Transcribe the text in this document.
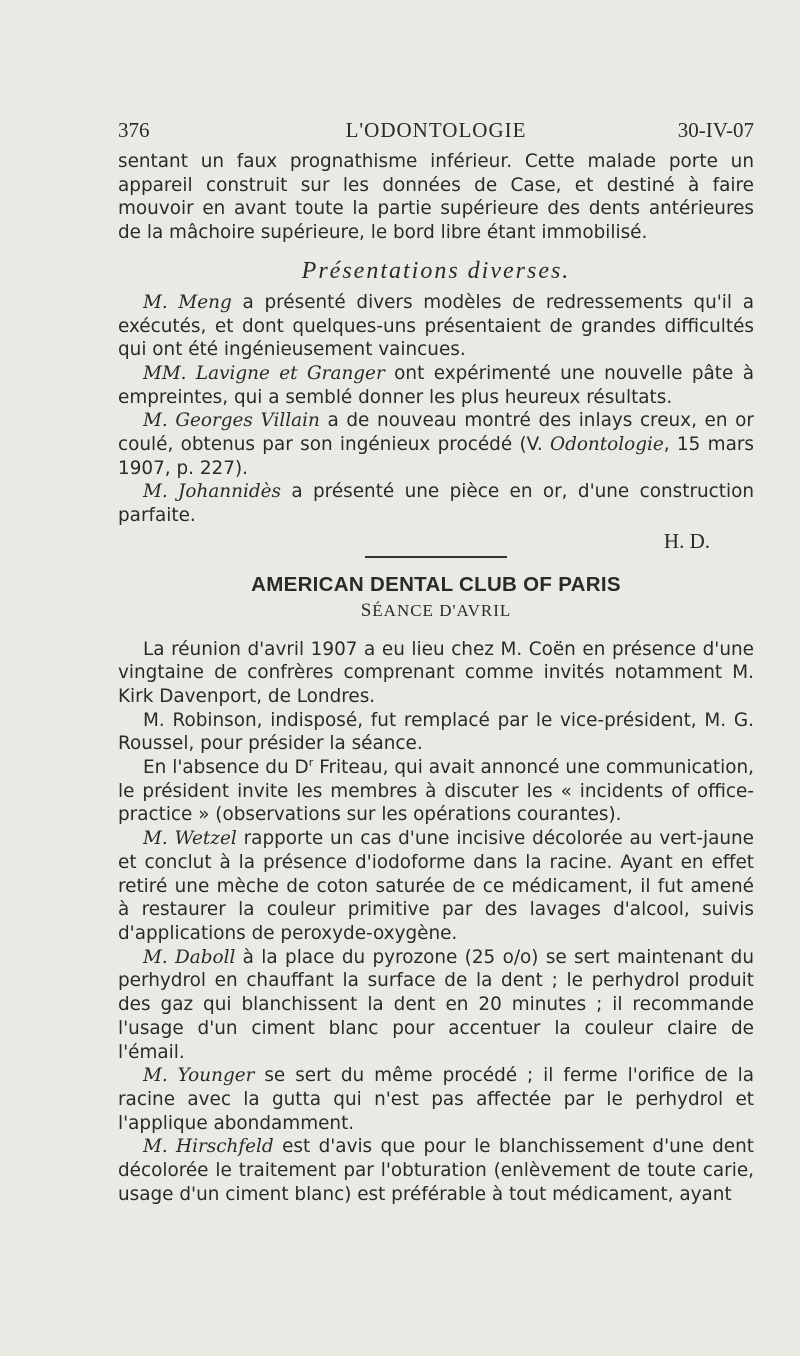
376	L'ODONTOLOGIE	30-IV-07

sentant un faux prognathisme inférieur. Cette malade porte un appareil construit sur les données de Case, et destiné à faire mouvoir en avant toute la partie supérieure des dents antérieures de la mâchoire supérieure, le bord libre étant immobilisé.

Présentations diverses.

M. Meng a présenté divers modèles de redressements qu'il a exécutés, et dont quelques-uns présentaient de grandes difficultés qui ont été ingénieusement vaincues.

MM. Lavigne et Granger ont expérimenté une nouvelle pâte à empreintes, qui a semblé donner les plus heureux résultats.

M. Georges Villain a de nouveau montré des inlays creux, en or coulé, obtenus par son ingénieux procédé (V. Odontologie, 15 mars 1907, p. 227).

M. Johannidès a présenté une pièce en or, d'une construction parfaite.

H. D.

AMERICAN DENTAL CLUB OF PARIS

SÉANCE D'AVRIL

La réunion d'avril 1907 a eu lieu chez M. Coën en présence d'une vingtaine de confrères comprenant comme invités notamment M. Kirk Davenport, de Londres.

M. Robinson, indisposé, fut remplacé par le vice-président, M. G. Roussel, pour présider la séance.

En l'absence du $D^r$ Friteau, qui avait annoncé une communication, le président invite les membres à discuter les « incidents of office-practice » (observations sur les opérations courantes).

M. Wetzel rapporte un cas d'une incisive décolorée au vert-jaune et conclut à la présence d'iodoforme dans la racine. Ayant en effet retiré une mèche de coton saturée de ce médicament, il fut amené à restaurer la couleur primitive par des lavages d'alcool, suivis d'applications de peroxyde-oxygène.

M. Daboll à la place du pyrozone (25 o/o) se sert maintenant du perhydrol en chauffant la surface de la dent ; le perhydrol produit des gaz qui blanchissent la dent en 20 minutes ; il recommande l'usage d'un ciment blanc pour accentuer la couleur claire de l'émail.

M. Younger se sert du même procédé ; il ferme l'orifice de la racine avec la gutta qui n'est pas affectée par le perhydrol et l'applique abondamment.

M. Hirschfeld est d'avis que pour le blanchissement d'une dent décolorée le traitement par l'obturation (enlèvement de toute carie, usage d'un ciment blanc) est préférable à tout médicament, ayant
